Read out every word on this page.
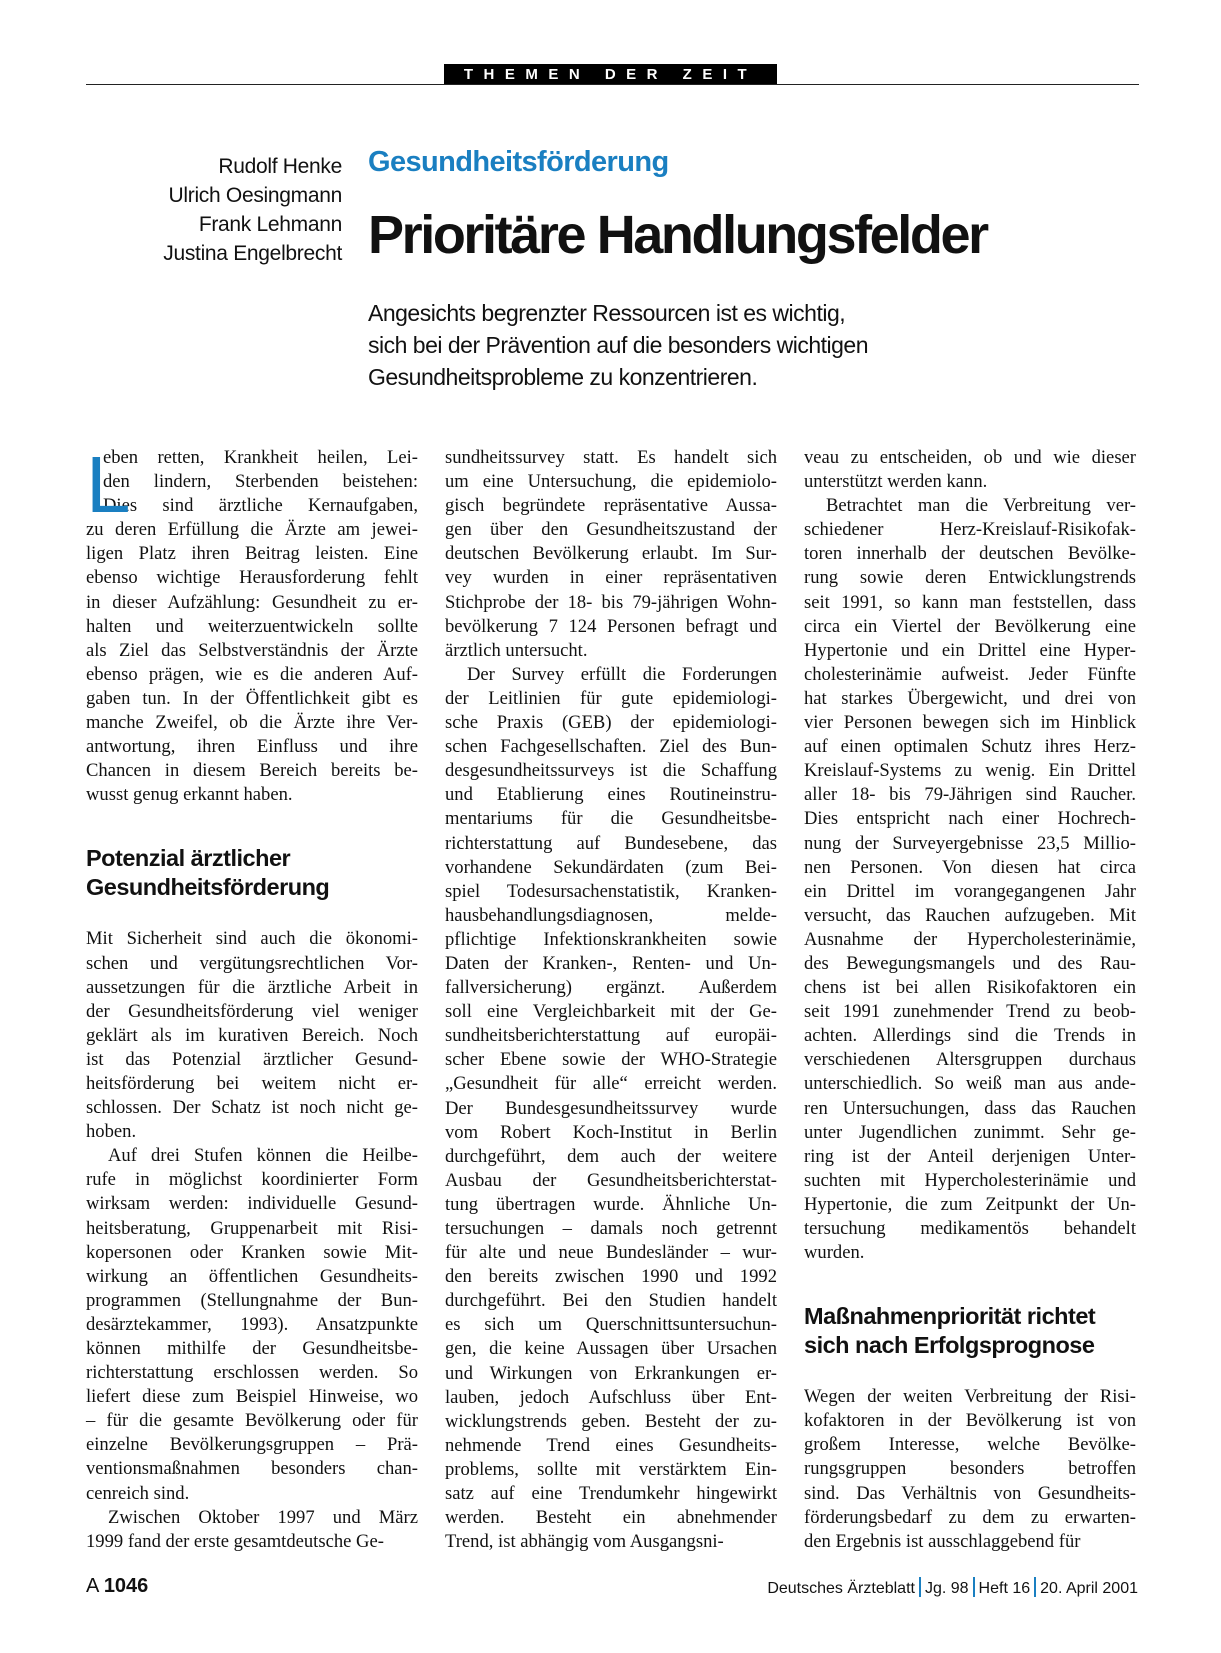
THEMEN DER ZEIT
Rudolf Henke
Ulrich Oesingmann
Frank Lehmann
Justina Engelbrecht
Gesundheitsförderung
Prioritäre Handlungsfelder
Angesichts begrenzter Ressourcen ist es wichtig,
sich bei der Prävention auf die besonders wichtigen
Gesundheitsprobleme zu konzentrieren.

L
eben retten, Krankheit heilen, Lei-
den lindern, Sterbenden beistehen:
Dies sind ärztliche Kernaufgaben,
zu deren Erfüllung die Ärzte am jewei-
ligen Platz ihren Beitrag leisten. Eine
ebenso wichtige Herausforderung fehlt
in dieser Aufzählung: Gesundheit zu er-
halten und weiterzuentwickeln sollte
als Ziel das Selbstverständnis der Ärzte
ebenso prägen, wie es die anderen Auf-
gaben tun. In der Öffentlichkeit gibt es
manche Zweifel, ob die Ärzte ihre Ver-
antwortung, ihren Einfluss und ihre
Chancen in diesem Bereich bereits be-
wusst genug erkannt haben.

Potenzial ärztlicher
Gesundheitsförderung

Mit Sicherheit sind auch die ökonomi-
schen und vergütungsrechtlichen Vor-
aussetzungen für die ärztliche Arbeit in
der Gesundheitsförderung viel weniger
geklärt als im kurativen Bereich. Noch
ist das Potenzial ärztlicher Gesund-
heitsförderung bei weitem nicht er-
schlossen. Der Schatz ist noch nicht ge-
hoben.

Auf drei Stufen können die Heilbe-
rufe in möglichst koordinierter Form
wirksam werden: individuelle Gesund-
heitsberatung, Gruppenarbeit mit Risi-
kopersonen oder Kranken sowie Mit-
wirkung an öffentlichen Gesundheits-
programmen (Stellungnahme der Bun-
desärztekammer, 1993). Ansatzpunkte
können mithilfe der Gesundheitsbe-
richterstattung erschlossen werden. So
liefert diese zum Beispiel Hinweise, wo
– für die gesamte Bevölkerung oder für
einzelne Bevölkerungsgruppen – Prä-
ventionsmaßnahmen besonders chan-
cenreich sind.

Zwischen Oktober 1997 und März
1999 fand der erste gesamtdeutsche Ge-

sundheitssurvey statt. Es handelt sich
um eine Untersuchung, die epidemiolo-
gisch begründete repräsentative Aussa-
gen über den Gesundheitszustand der
deutschen Bevölkerung erlaubt. Im Sur-
vey wurden in einer repräsentativen
Stichprobe der 18- bis 79-jährigen Wohn-
bevölkerung 7 124 Personen befragt und
ärztlich untersucht.

Der Survey erfüllt die Forderungen
der Leitlinien für gute epidemiologi-
sche Praxis (GEB) der epidemiologi-
schen Fachgesellschaften. Ziel des Bun-
desgesundheitssurveys ist die Schaffung
und Etablierung eines Routineinstru-
mentariums für die Gesundheitsbe-
richterstattung auf Bundesebene, das
vorhandene Sekundärdaten (zum Bei-
spiel Todesursachenstatistik, Kranken-
hausbehandlungsdiagnosen, melde-
pflichtige Infektionskrankheiten sowie
Daten der Kranken-, Renten- und Un-
fallversicherung) ergänzt. Außerdem
soll eine Vergleichbarkeit mit der Ge-
sundheitsberichterstattung auf europäi-
scher Ebene sowie der WHO-Strategie
„Gesundheit für alle“ erreicht werden.
Der Bundesgesundheitssurvey wurde
vom Robert Koch-Institut in Berlin
durchgeführt, dem auch der weitere
Ausbau der Gesundheitsberichterstat-
tung übertragen wurde. Ähnliche Un-
tersuchungen – damals noch getrennt
für alte und neue Bundesländer – wur-
den bereits zwischen 1990 und 1992
durchgeführt. Bei den Studien handelt
es sich um Querschnittsuntersuchun-
gen, die keine Aussagen über Ursachen
und Wirkungen von Erkrankungen er-
lauben, jedoch Aufschluss über Ent-
wicklungstrends geben. Besteht der zu-
nehmende Trend eines Gesundheits-
problems, sollte mit verstärktem Ein-
satz auf eine Trendumkehr hingewirkt
werden. Besteht ein abnehmender
Trend, ist abhängig vom Ausgangsni-

veau zu entscheiden, ob und wie dieser
unterstützt werden kann.

Betrachtet man die Verbreitung ver-
schiedener Herz-Kreislauf-Risikofak-
toren innerhalb der deutschen Bevölke-
rung sowie deren Entwicklungstrends
seit 1991, so kann man feststellen, dass
circa ein Viertel der Bevölkerung eine
Hypertonie und ein Drittel eine Hyper-
cholesterinämie aufweist. Jeder Fünfte
hat starkes Übergewicht, und drei von
vier Personen bewegen sich im Hinblick
auf einen optimalen Schutz ihres Herz-
Kreislauf-Systems zu wenig. Ein Drittel
aller 18- bis 79-Jährigen sind Raucher.
Dies entspricht nach einer Hochrech-
nung der Surveyergebnisse 23,5 Millio-
nen Personen. Von diesen hat circa
ein Drittel im vorangegangenen Jahr
versucht, das Rauchen aufzugeben. Mit
Ausnahme der Hypercholesterinämie,
des Bewegungsmangels und des Rau-
chens ist bei allen Risikofaktoren ein
seit 1991 zunehmender Trend zu beob-
achten. Allerdings sind die Trends in
verschiedenen Altersgruppen durchaus
unterschiedlich. So weiß man aus ande-
ren Untersuchungen, dass das Rauchen
unter Jugendlichen zunimmt. Sehr ge-
ring ist der Anteil derjenigen Unter-
suchten mit Hypercholesterinämie und
Hypertonie, die zum Zeitpunkt der Un-
tersuchung medikamentös behandelt
wurden.

Maßnahmenpriorität richtet
sich nach Erfolgsprognose

Wegen der weiten Verbreitung der Risi-
kofaktoren in der Bevölkerung ist von
großem Interesse, welche Bevölke-
rungsgruppen besonders betroffen
sind. Das Verhältnis von Gesundheits-
förderungsbedarf zu dem zu erwarten-
den Ergebnis ist ausschlaggebend für

A 1046	Deutsches Ärzteblatt Jg. 98 Heft 16 20. April 2001
